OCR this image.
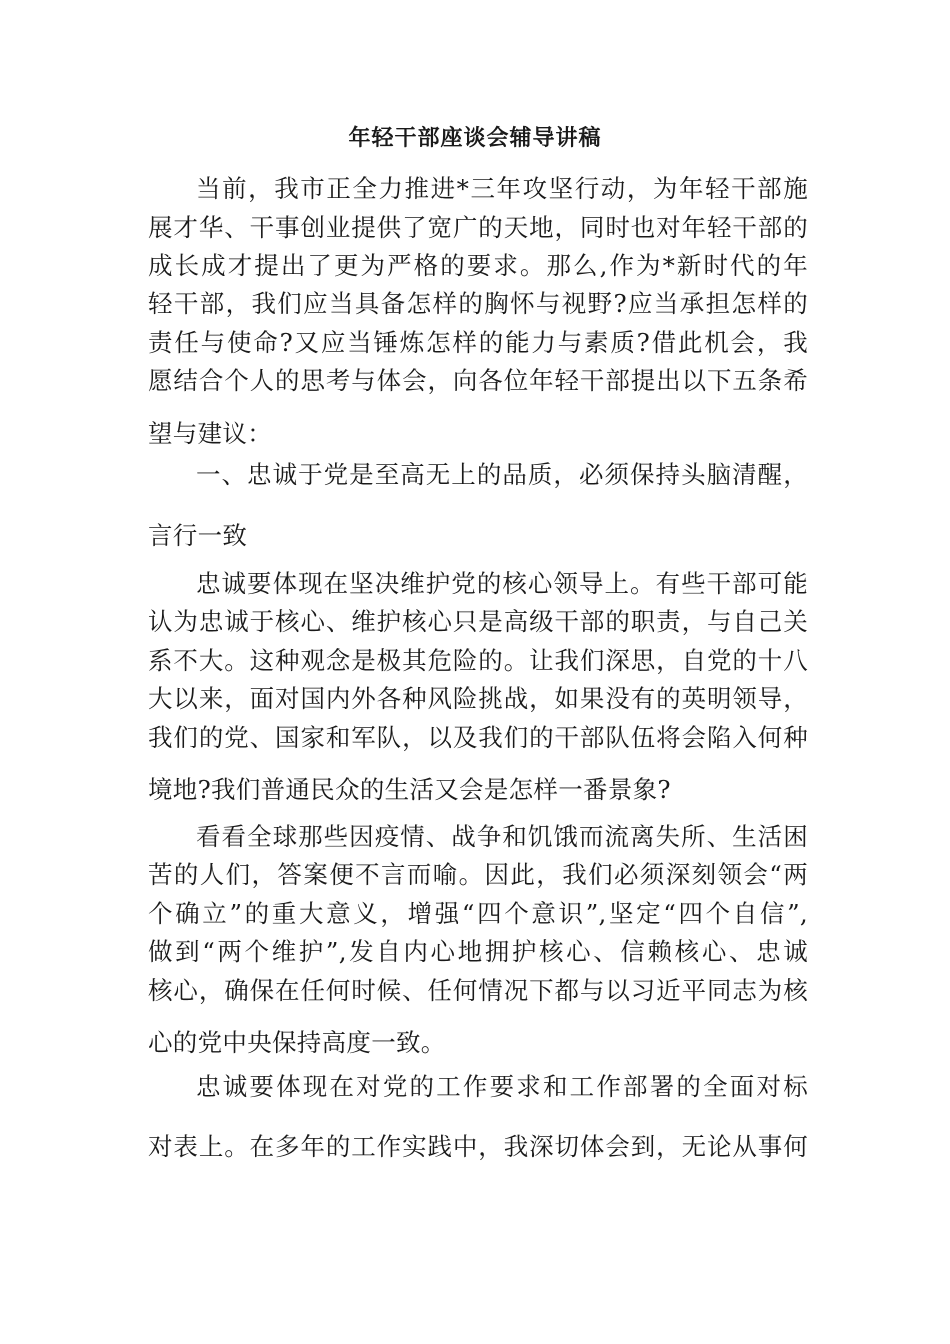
年轻干部座谈会辅导讲稿
当前，我市正全力推进*三年攻坚行动，为年轻干部施
展才华、干事创业提供了宽广的天地，同时也对年轻干部的
成长成才提出了更为严格的要求。那么,作为*新时代的年
轻干部，我们应当具备怎样的胸怀与视野?应当承担怎样的
责任与使命?又应当锤炼怎样的能力与素质?借此机会，我
愿结合个人的思考与体会，向各位年轻干部提出以下五条希
望与建议：
一、忠诚于党是至高无上的品质，必须保持头脑清醒，
言行一致
忠诚要体现在坚决维护党的核心领导上。有些干部可能
认为忠诚于核心、维护核心只是高级干部的职责，与自己关
系不大。这种观念是极其危险的。让我们深思，自党的十八
大以来，面对国内外各种风险挑战，如果没有的英明领导，
我们的党、国家和军队，以及我们的干部队伍将会陷入何种
境地?我们普通民众的生活又会是怎样一番景象?
看看全球那些因疫情、战争和饥饿而流离失所、生活困
苦的人们，答案便不言而喻。因此，我们必须深刻领会“两
个确立”的重大意义，增强“四个意识”,坚定“四个自信”,
做到“两个维护”,发自内心地拥护核心、信赖核心、忠诚
核心，确保在任何时候、任何情况下都与以习近平同志为核
心的党中央保持高度一致。
忠诚要体现在对党的工作要求和工作部署的全面对标
对表上。在多年的工作实践中，我深切体会到，无论从事何
